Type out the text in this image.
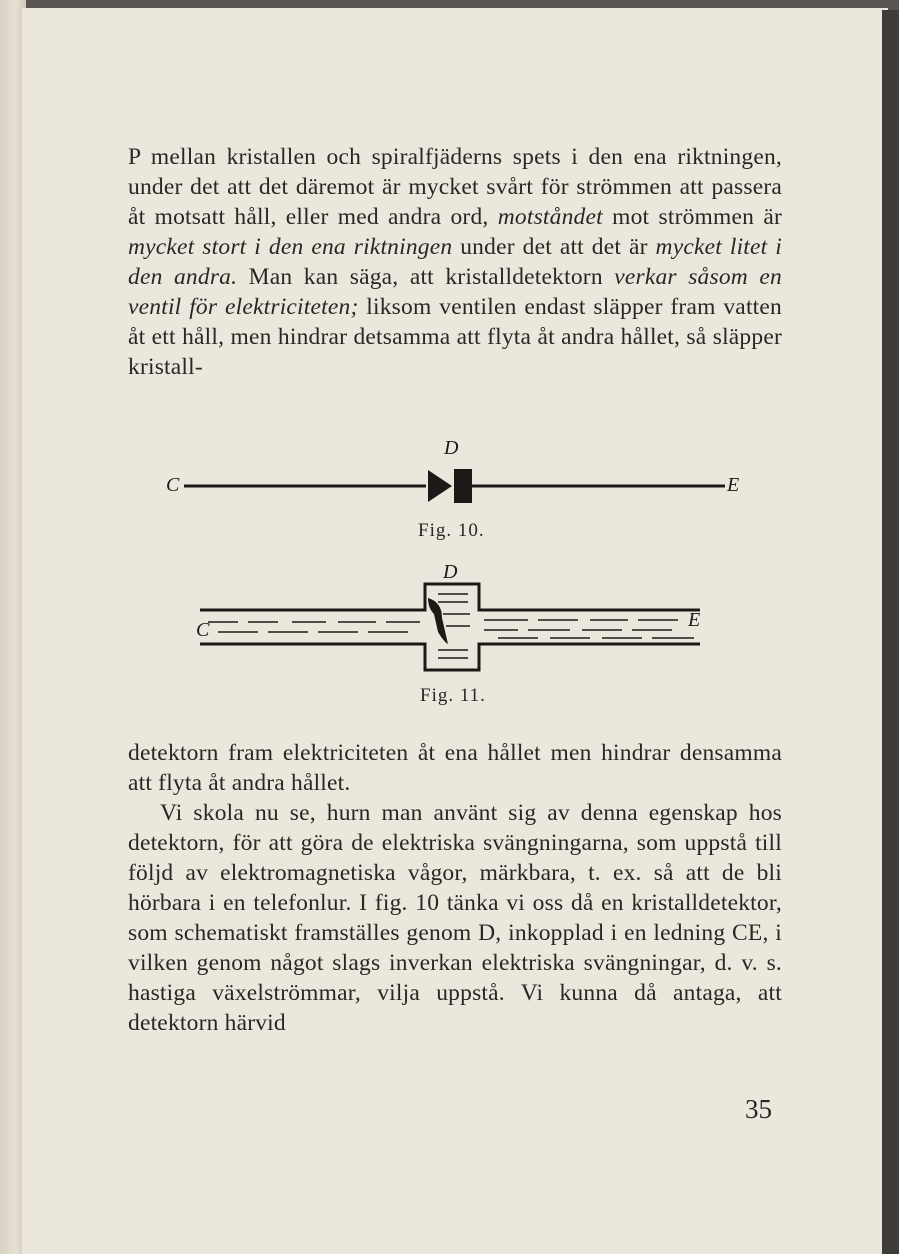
P mellan kristallen och spiralfjäderns spets i den ena riktningen, under det att det däremot är mycket svårt för strömmen att passera åt motsatt håll, eller med andra ord, motståndet mot strömmen är mycket stort i den ena riktningen under det att det är mycket litet i den andra. Man kan säga, att kristalldetektorn verkar såsom en ventil för elektriciteten; liksom ventilen endast släpper fram vatten åt ett håll, men hindrar detsamma att flyta åt andra hållet, så släpper kristall-

D
C	E
Fig. 10.
D
C	E
Fig. 11.

detektorn fram elektriciteten åt ena hållet men hindrar densamma att flyta åt andra hållet.

Vi skola nu se, hurn man använt sig av denna egenskap hos detektorn, för att göra de elektriska svängningarna, som uppstå till följd av elektromagnetiska vågor, märkbara, t. ex. så att de bli hörbara i en telefonlur. I fig. 10 tänka vi oss då en kristalldetektor, som schematiskt framställes genom D, inkopplad i en ledning CE, i vilken genom något slags inverkan elektriska svängningar, d. v. s. hastiga växelströmmar, vilja uppstå. Vi kunna då antaga, att detektorn härvid

35
